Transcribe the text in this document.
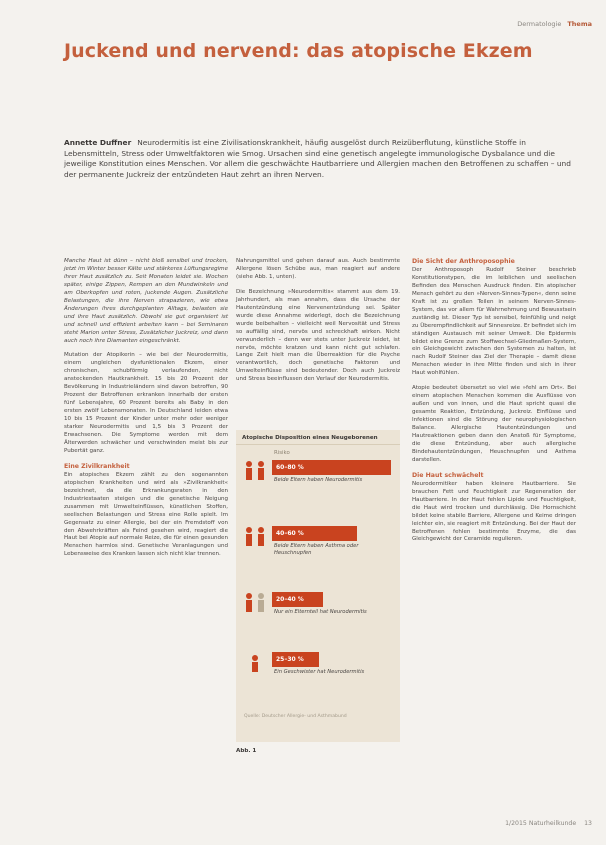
Dermatologie Thema
Juckend und nervend: das atopische Ekzem
Annette Duffner Neurodermitis ist eine Zivilisationskrankheit, häufig ausgelöst durch Reizüberflutung, künstliche Stoffe in Lebensmitteln, Stress oder Umweltfaktoren wie Smog. Ursachen sind eine genetisch angelegte immunologische Dysbalance und die jeweilige Konstitution eines Menschen. Vor allem die geschwächte Hautbarriere und Allergien machen den Betroffenen zu schaffen – und der permanente Juckreiz der entzündeten Haut zehrt an ihren Nerven.

Manche Haut ist dünn – nicht bloß sensibel und trocken, jetzt im Winter besser Kälte und stärkeres Lüftungsregime ihrer Haut zusätzlich zu. Seit Monaten leidet sie. Wochen später, einige Zippen, Rempen an den Mundwinkeln und am Oberkopfen und roten, juckende Augen. Zusätzliche Belastungen, die ihre Nerven strapazieren, wie etwa Änderungen ihres durchgeplanten Alltags, belasten sie und ihre Haut zusätzlich. Obwohl sie gut organisiert ist und schnell und effizient arbeiten kann – bei Seminaren steht Marion unter Stress, Zusätzlicher Juckreiz, und dann auch noch ihre Diamanten eingeschränkt.

Mutation der Atopikerin – wie bei der Neurodermitis, einem ungleichen dysfunktionalen Ekzem, einer chronischen, schubförmig verlaufenden, nicht ansteckenden Hautkrankheit. 15 bis 20 Prozent der Bevölkerung in Industrieländern sind davon betroffen, 90 Prozent der Betroffenen erkranken innerhalb der ersten fünf Lebensjahre, 60 Prozent bereits als Baby in den ersten zwölf Lebensmonaten. In Deutschland leiden etwa 10 bis 15 Prozent der Kinder unter mehr oder weniger starker Neurodermitis und 1,5 bis 3 Prozent der Erwachsenen. Die Symptome werden mit dem Älterwerden schwächer und verschwinden meist bis zur Pubertät ganz.

Eine Zivilkrankheit

Ein atopisches Ekzem zählt zu den sogenannten atopischen Krankheiten und wird als »Zivilkrankheit« bezeichnet, da die Erkrankungsraten in den Industriestaaten steigen und die genetische Neigung zusammen mit Umwelteinflüssen, künstlichen Stoffen, seelischen Belastungen und Stress eine Rolle spielt. Im Gegensatz zu einer Allergie, bei der ein Fremdstoff von den Abwehrkräften als Feind gesehen wird, reagiert die Haut bei Atopie auf normale Reize, die für einen gesunden Menschen harmlos sind. Genetische Veranlagungen und Lebensweise des Kranken lassen sich nicht klar trennen.

Nahrungsmittel und gehen darauf aus. Auch bestimmte Allergene lösen Schübe aus, man reagiert auf andere (siehe Abb. 1, unten).

Die Bezeichnung »Neurodermitis« stammt aus dem 19. Jahrhundert, als man annahm, dass die Ursache der Hautentzündung eine Nervenentzündung sei. Später wurde diese Annahme widerlegt, doch die Bezeichnung wurde beibehalten – vielleicht weil Nervosität und Stress so auffällig sind, nervös und schreckhaft wirken. Nicht verwunderlich – denn wer stets unter Juckreiz leidet, ist nervös, möchte kratzen und kann nicht gut schlafen. Lange Zeit hielt man die Überreaktion für die Psyche verantwortlich, doch genetische Faktoren und Umwelteinflüsse sind bedeutender. Doch auch Juckreiz und Stress beeinflussen den Verlauf der Neurodermitis.

Atopische Disposition eines Neugeborenen
Risiko
60–80 %
Beide Eltern haben Neurodermitis
40–60 %
Beide Eltern haben Asthma oder Heuschnupfen
20–40 %
Nur ein Elternteil hat Neurodermitis
25–30 %
Ein Geschwister hat Neurodermitis
Quelle: Deutscher Allergie- und Asthmabund
Abb. 1
Die Sicht der Anthroposophie

Der Anthroposoph Rudolf Steiner beschrieb Konstitutionstypen, die im leiblichen und seelischen Befinden des Menschen Ausdruck finden. Ein atopischer Mensch gehört zu den »Nerven-Sinnes-Typen«, denn seine Kraft ist zu großen Teilen in seinem Nerven-Sinnes-System, das vor allem für Wahrnehmung und Bewusstsein zuständig ist. Dieser Typ ist sensibel, feinfühlig und neigt zu Überempfindlichkeit auf Sinnesreize. Er befindet sich im ständigen Austausch mit seiner Umwelt. Die Epidermis bildet eine Grenze zum Stoffwechsel-Gliedmaßen-System, ein Gleichgewicht zwischen den Systemen zu halten, ist nach Rudolf Steiner das Ziel der Therapie – damit diese Menschen wieder in ihre Mitte finden und sich in ihrer Haut wohlfühlen.

Atopie bedeutet übersetzt so viel wie »fehl am Ort«. Bei einem atopischen Menschen kommen die Ausflüsse von außen und von innen, und die Haut spricht quasi die gesamte Reaktion, Entzündung, Juckreiz. Einflüsse und Infektionen sind die Störung der neurophysiologischen Balance. Allergische Hautentzündungen und Hautreaktionen geben dann den Anstoß für Symptome, die diese Entzündung, aber auch allergische Bindehautentzündungen, Heuschnupfen und Asthma darstellen.

Die Haut schwächelt

Neurodermitiker haben kleinere Hautbarriere. Sie brauchen Fett und Feuchtigkeit zur Regeneration der Hautbarriere. In der Haut fehlen Lipide und Feuchtigkeit, die Haut wird trocken und durchlässig. Die Hornschicht bildet keine stabile Barriere, Allergene und Keime dringen leichter ein, sie reagiert mit Entzündung. Bei der Haut der Betroffenen fehlen bestimmte Enzyme, die das Gleichgewicht der Ceramide regulieren.

1/2015 Naturheilkunde 13
